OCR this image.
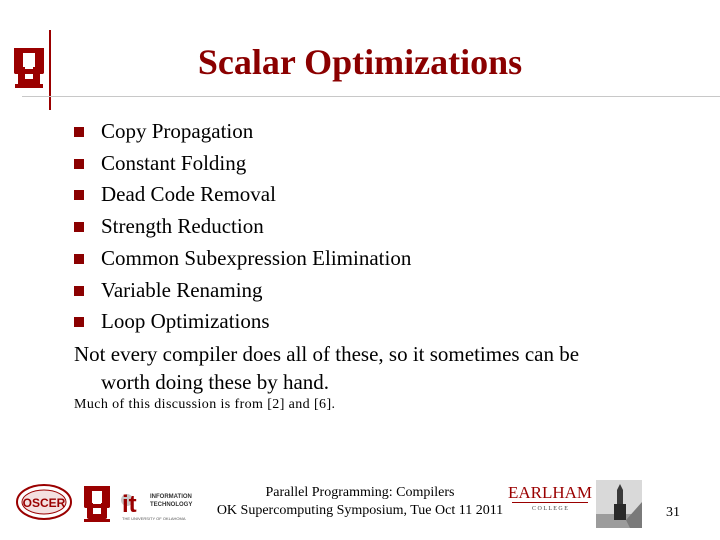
Scalar Optimizations
Copy Propagation
Constant Folding
Dead Code Removal
Strength Reduction
Common Subexpression Elimination
Variable Renaming
Loop Optimizations
Not every compiler does all of these, so it sometimes can be
worth doing these by hand.
Much of this discussion is from [2] and [6].
OSCER it INFORMATION
TECHNOLOGY
THE UNIVERSITY OF OKLAHOMA
Parallel Programming: Compilers
OK Supercomputing Symposium, Tue Oct 11 2011
EARLHAM
C O L L E G E	31
